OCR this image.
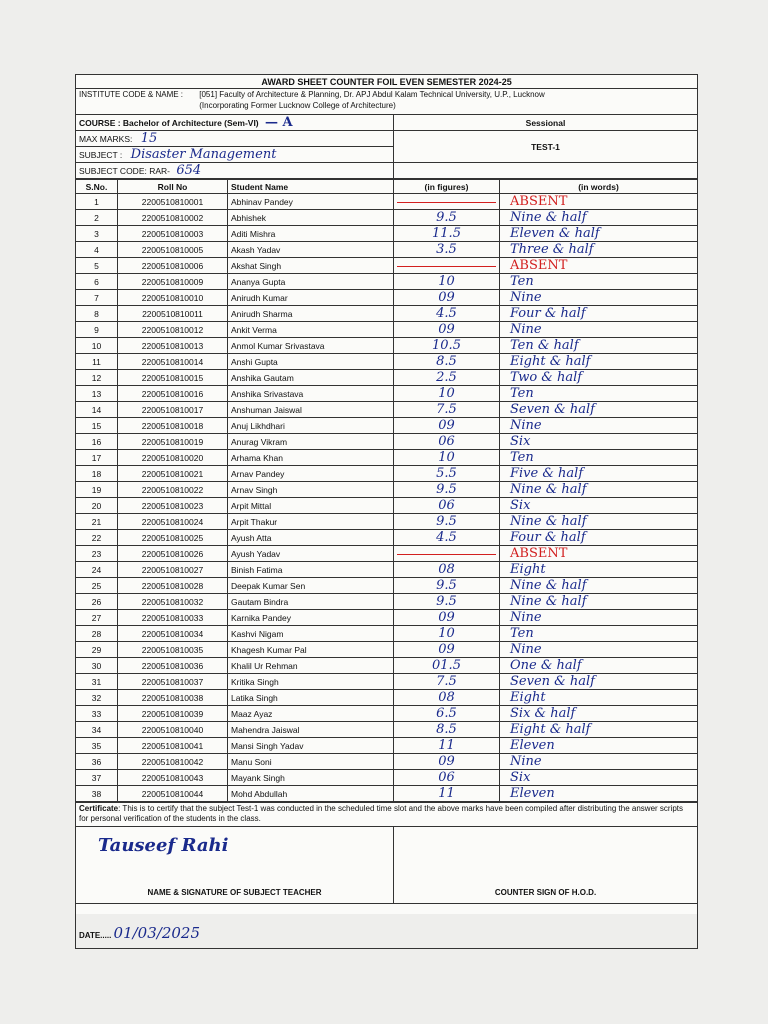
AWARD SHEET COUNTER FOIL EVEN SEMESTER 2024-25	
INSTITUTE CODE & NAME : [051] Faculty of Architecture & Planning, Dr. APJ Abdul Kalam Technical University, U.P., Lucknow
(Incorporating Former Lucknow College of Architecture)	
COURSE : Bachelor of Architecture (Sem-VI) — A	Sessional
MAX MARKS: 15	TEST-1
SUBJECT : Disaster Management	
SUBJECT CODE: RAR- 654	
S.No.	Roll No	Student Name	(in figures)	(in words)
1	2200510810001	Abhinav Pandey		ABSENT
2	2200510810002	Abhishek	9.5	Nine & half
3	2200510810003	Aditi Mishra	11.5	Eleven & half
4	2200510810005	Akash Yadav	3.5	Three & half
5	2200510810006	Akshat Singh		ABSENT
6	2200510810009	Ananya Gupta	10	Ten
7	2200510810010	Anirudh Kumar	09	Nine
8	2200510810011	Anirudh Sharma	4.5	Four & half
9	2200510810012	Ankit Verma	09	Nine
10	2200510810013	Anmol Kumar Srivastava	10.5	Ten & half
11	2200510810014	Anshi Gupta	8.5	Eight & half
12	2200510810015	Anshika Gautam	2.5	Two & half
13	2200510810016	Anshika Srivastava	10	Ten
14	2200510810017	Anshuman Jaiswal	7.5	Seven & half
15	2200510810018	Anuj Likhdhari	09	Nine
16	2200510810019	Anurag Vikram	06	Six
17	2200510810020	Arhama Khan	10	Ten
18	2200510810021	Arnav Pandey	5.5	Five & half
19	2200510810022	Arnav Singh	9.5	Nine & half
20	2200510810023	Arpit Mittal	06	Six
21	2200510810024	Arpit Thakur	9.5	Nine & half
22	2200510810025	Ayush Atta	4.5	Four & half
23	2200510810026	Ayush Yadav		ABSENT
24	2200510810027	Binish Fatima	08	Eight
25	2200510810028	Deepak Kumar Sen	9.5	Nine & half
26	2200510810032	Gautam Bindra	9.5	Nine & half
27	2200510810033	Karnika Pandey	09	Nine
28	2200510810034	Kashvi Nigam	10	Ten
29	2200510810035	Khagesh Kumar Pal	09	Nine
30	2200510810036	Khalil Ur Rehman	01.5	One & half
31	2200510810037	Kritika Singh	7.5	Seven & half
32	2200510810038	Latika Singh	08	Eight
33	2200510810039	Maaz Ayaz	6.5	Six & half
34	2200510810040	Mahendra Jaiswal	8.5	Eight & half
35	2200510810041	Mansi Singh Yadav	11	Eleven
36	2200510810042	Manu Soni	09	Nine
37	2200510810043	Mayank Singh	06	Six
38	2200510810044	Mohd Abdullah	11	Eleven
Certificate: This is to certify that the subject Test-1 was conducted in the scheduled time slot and the above marks have been compiled after distributing the answer scripts for personal verification of the students in the class.

Tauseef Rahi
NAME & SIGNATURE OF SUBJECT TEACHER	COUNTER SIGN OF H.O.D.
DATE..... 01/03/2025
